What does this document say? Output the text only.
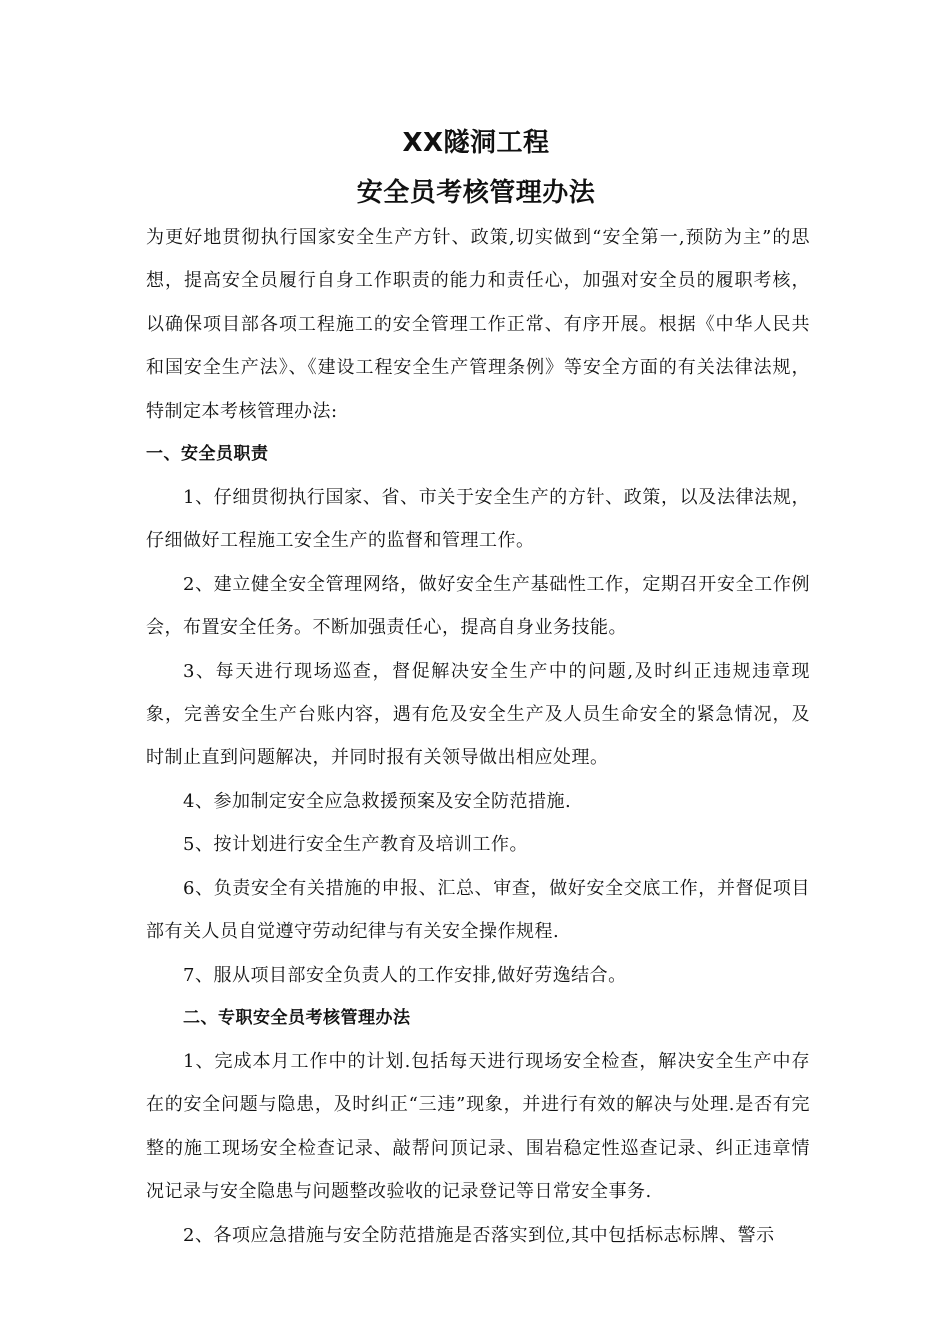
XX隧洞工程
安全员考核管理办法

为更好地贯彻执行国家安全生产方针、政策,切实做到“安全第一,预防为主”的思想，提高安全员履行自身工作职责的能力和责任心，加强对安全员的履职考核，以确保项目部各项工程施工的安全管理工作正常、有序开展。根据《中华人民共和国安全生产法》、《建设工程安全生产管理条例》等安全方面的有关法律法规，特制定本考核管理办法:

一、安全员职责

1、仔细贯彻执行国家、省、市关于安全生产的方针、政策，以及法律法规，仔细做好工程施工安全生产的监督和管理工作。

2、建立健全安全管理网络，做好安全生产基础性工作，定期召开安全工作例会，布置安全任务。不断加强责任心，提高自身业务技能。

3、每天进行现场巡查，督促解决安全生产中的问题,及时纠正违规违章现象，完善安全生产台账内容，遇有危及安全生产及人员生命安全的紧急情况，及时制止直到问题解决，并同时报有关领导做出相应处理。

4、参加制定安全应急救援预案及安全防范措施.

5、按计划进行安全生产教育及培训工作。

6、负责安全有关措施的申报、汇总、审查，做好安全交底工作，并督促项目部有关人员自觉遵守劳动纪律与有关安全操作规程.

7、服从项目部安全负责人的工作安排,做好劳逸结合。

二、专职安全员考核管理办法

1、完成本月工作中的计划.包括每天进行现场安全检查，解决安全生产中存在的安全问题与隐患，及时纠正“三违”现象，并进行有效的解决与处理.是否有完整的施工现场安全检查记录、敲帮问顶记录、围岩稳定性巡查记录、纠正违章情况记录与安全隐患与问题整改验收的记录登记等日常安全事务.

2、各项应急措施与安全防范措施是否落实到位,其中包括标志标牌、警示
